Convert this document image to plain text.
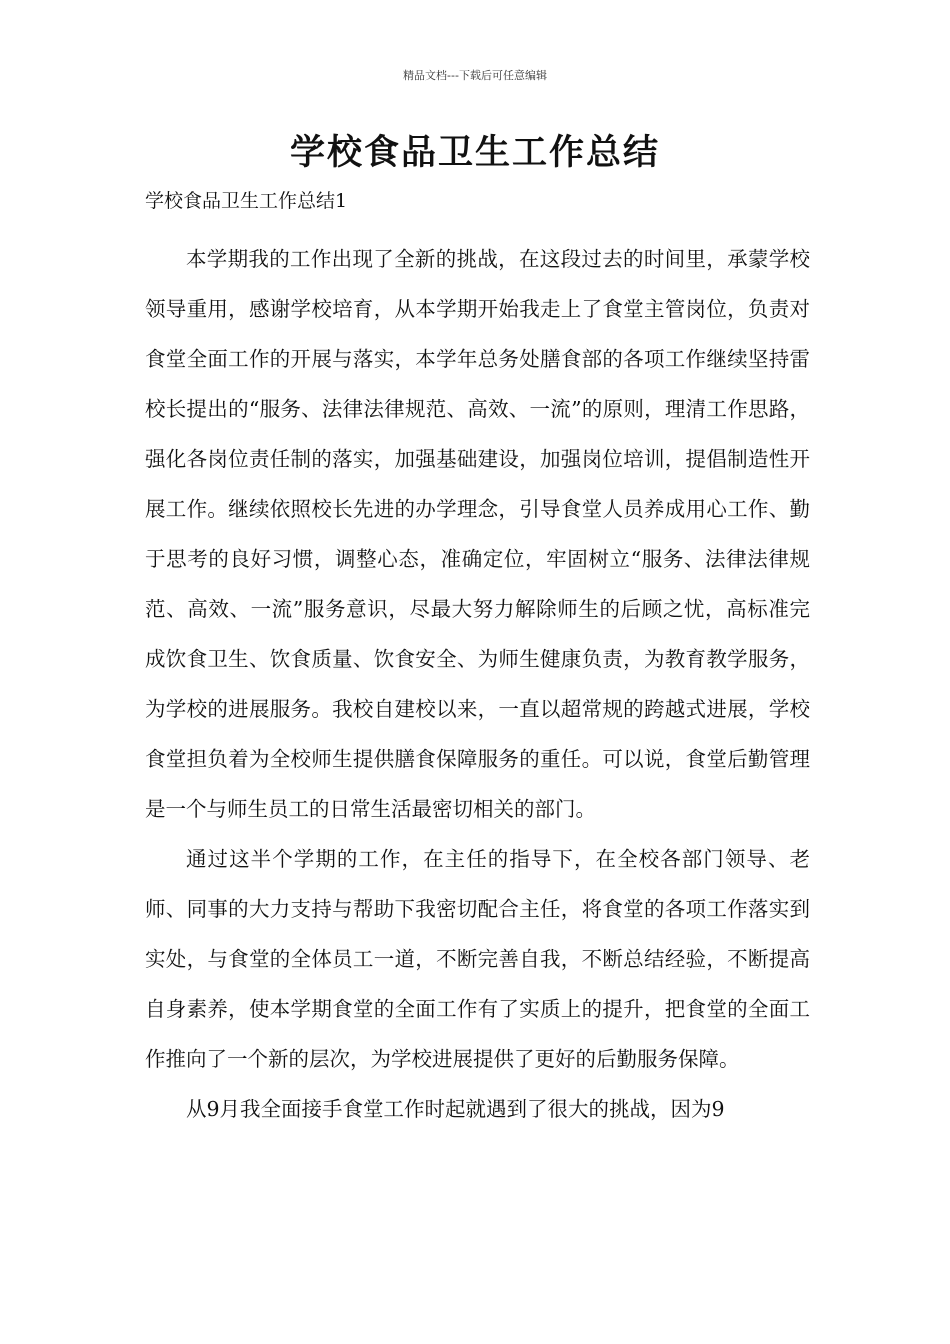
精品文档---下载后可任意编辑
学校食品卫生工作总结
学校食品卫生工作总结1

本学期我的工作出现了全新的挑战，在这段过去的时间里，承蒙学校领导重用，感谢学校培育，从本学期开始我走上了食堂主管岗位，负责对食堂全面工作的开展与落实，本学年总务处膳食部的各项工作继续坚持雷校长提出的“服务、法律法律规范、高效、一流”的原则，理清工作思路，强化各岗位责任制的落实，加强基础建设，加强岗位培训，提倡制造性开展工作。继续依照校长先进的办学理念，引导食堂人员养成用心工作、勤于思考的良好习惯，调整心态，准确定位，牢固树立“服务、法律法律规范、高效、一流”服务意识，尽最大努力解除师生的后顾之忧，高标准完成饮食卫生、饮食质量、饮食安全、为师生健康负责，为教育教学服务，为学校的进展服务。我校自建校以来，一直以超常规的跨越式进展，学校食堂担负着为全校师生提供膳食保障服务的重任。可以说，食堂后勤管理是一个与师生员工的日常生活最密切相关的部门。

通过这半个学期的工作，在主任的指导下，在全校各部门领导、老师、同事的大力支持与帮助下我密切配合主任，将食堂的各项工作落实到实处，与食堂的全体员工一道，不断完善自我，不断总结经验，不断提高自身素养，使本学期食堂的全面工作有了实质上的提升，把食堂的全面工作推向了一个新的层次，为学校进展提供了更好的后勤服务保障。

从9月我全面接手食堂工作时起就遇到了很大的挑战，因为9
